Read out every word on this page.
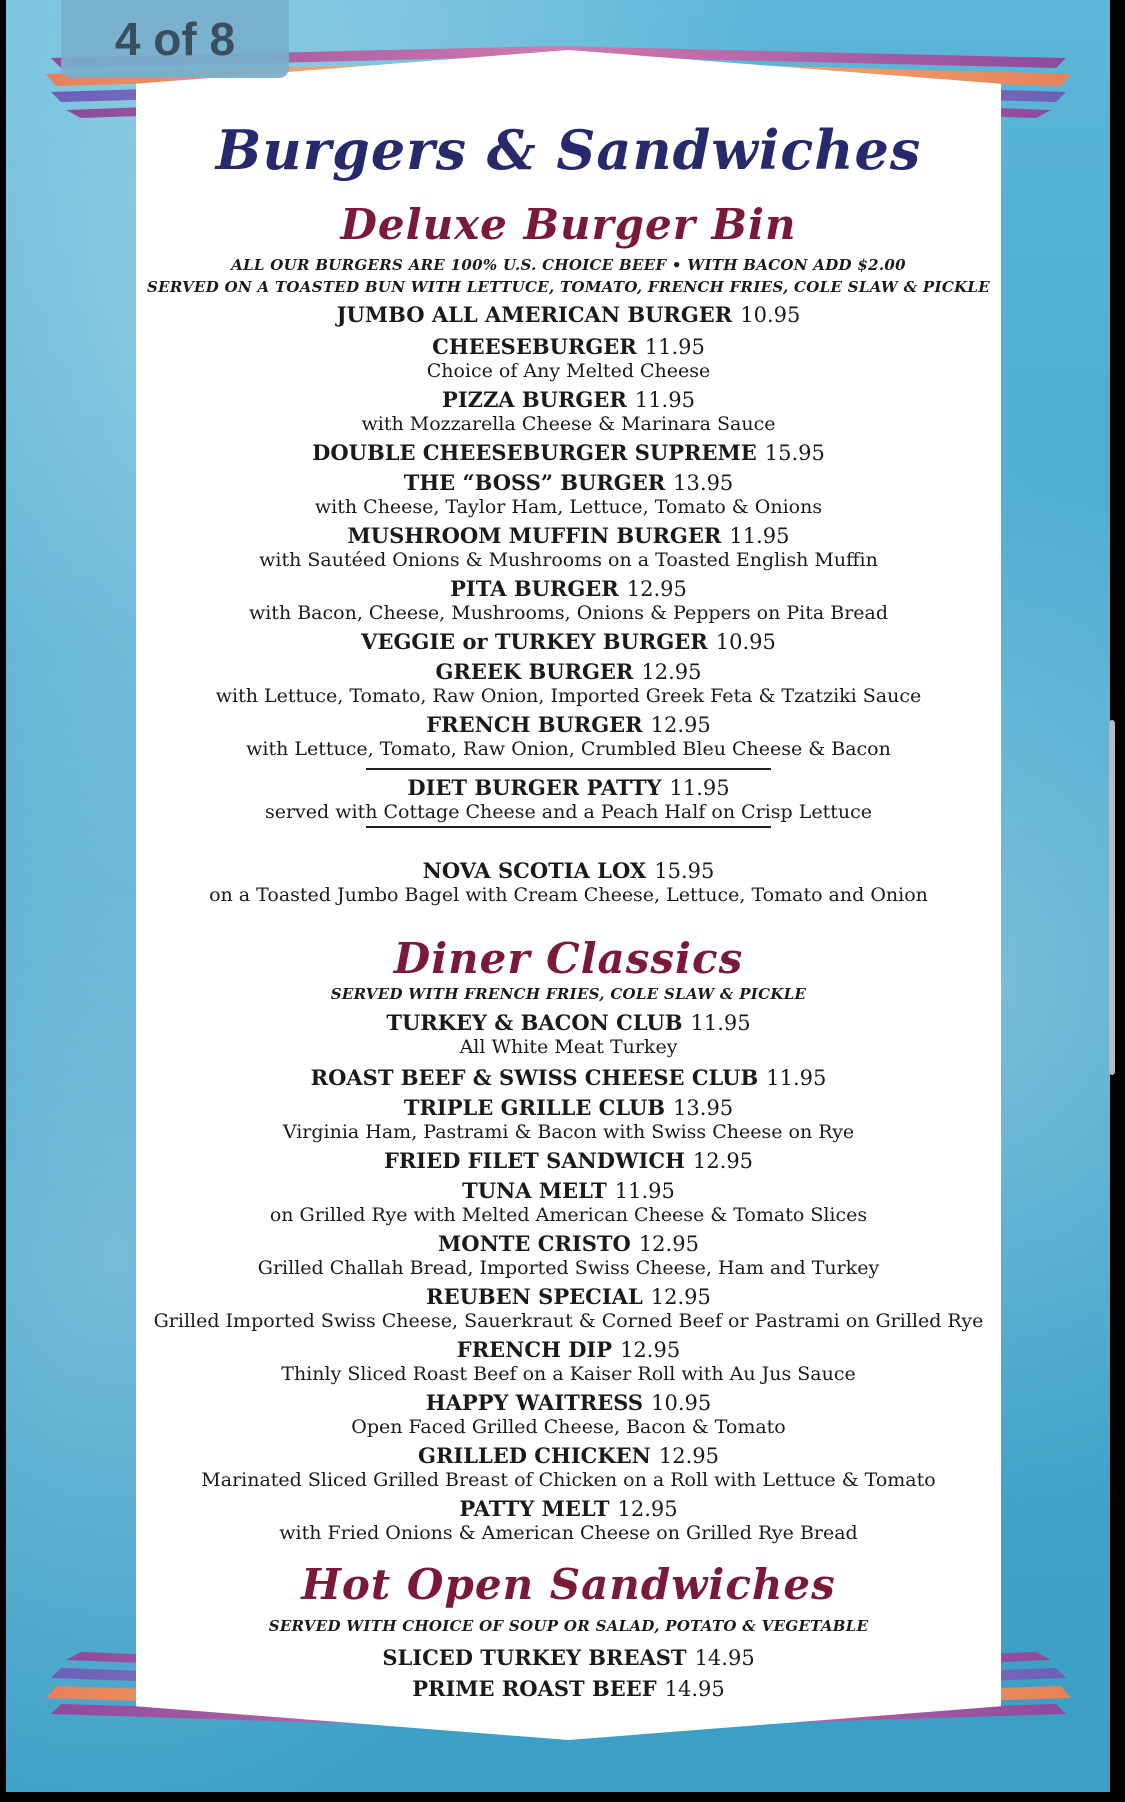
Burgers & Sandwiches
Deluxe Burger Bin
ALL OUR BURGERS ARE 100% U.S. CHOICE BEEF • WITH BACON ADD $2.00
SERVED ON A TOASTED BUN WITH LETTUCE, TOMATO, FRENCH FRIES, COLE SLAW & PICKLE
JUMBO ALL AMERICAN BURGER 10.95
CHEESEBURGER 11.95
Choice of Any Melted Cheese
PIZZA BURGER 11.95
with Mozzarella Cheese & Marinara Sauce
DOUBLE CHEESEBURGER SUPREME 15.95
THE “BOSS” BURGER 13.95
with Cheese, Taylor Ham, Lettuce, Tomato & Onions
MUSHROOM MUFFIN BURGER 11.95
with Sautéed Onions & Mushrooms on a Toasted English Muffin
PITA BURGER 12.95
with Bacon, Cheese, Mushrooms, Onions & Peppers on Pita Bread
VEGGIE or TURKEY BURGER 10.95
GREEK BURGER 12.95
with Lettuce, Tomato, Raw Onion, Imported Greek Feta & Tzatziki Sauce
FRENCH BURGER 12.95
with Lettuce, Tomato, Raw Onion, Crumbled Bleu Cheese & Bacon
DIET BURGER PATTY 11.95
served with Cottage Cheese and a Peach Half on Crisp Lettuce
NOVA SCOTIA LOX 15.95
on a Toasted Jumbo Bagel with Cream Cheese, Lettuce, Tomato and Onion
Diner Classics
SERVED WITH FRENCH FRIES, COLE SLAW & PICKLE
TURKEY & BACON CLUB 11.95
All White Meat Turkey
ROAST BEEF & SWISS CHEESE CLUB 11.95
TRIPLE GRILLE CLUB 13.95
Virginia Ham, Pastrami & Bacon with Swiss Cheese on Rye
FRIED FILET SANDWICH 12.95
TUNA MELT 11.95
on Grilled Rye with Melted American Cheese & Tomato Slices
MONTE CRISTO 12.95
Grilled Challah Bread, Imported Swiss Cheese, Ham and Turkey
REUBEN SPECIAL 12.95
Grilled Imported Swiss Cheese, Sauerkraut & Corned Beef or Pastrami on Grilled Rye
FRENCH DIP 12.95
Thinly Sliced Roast Beef on a Kaiser Roll with Au Jus Sauce
HAPPY WAITRESS 10.95
Open Faced Grilled Cheese, Bacon & Tomato
GRILLED CHICKEN 12.95
Marinated Sliced Grilled Breast of Chicken on a Roll with Lettuce & Tomato
PATTY MELT 12.95
with Fried Onions & American Cheese on Grilled Rye Bread
Hot Open Sandwiches
SERVED WITH CHOICE OF SOUP OR SALAD, POTATO & VEGETABLE
SLICED TURKEY BREAST 14.95
PRIME ROAST BEEF 14.95
4 of 8
